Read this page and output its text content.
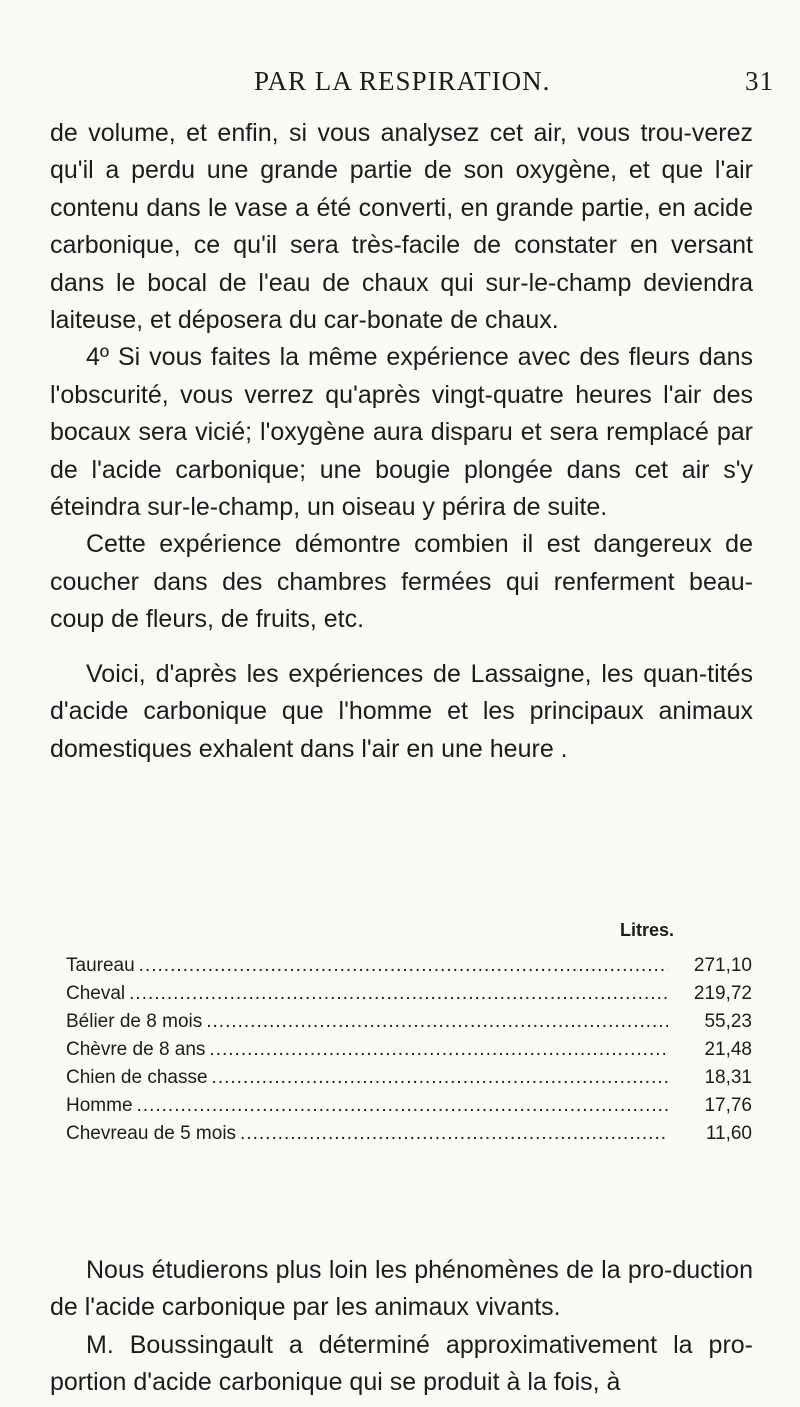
PAR LA RESPIRATION.	31

de volume, et enfin, si vous analysez cet air, vous trou-verez qu'il a perdu une grande partie de son oxygène, et que l'air contenu dans le vase a été converti, en grande partie, en acide carbonique, ce qu'il sera très-facile de constater en versant dans le bocal de l'eau de chaux qui sur-le-champ deviendra laiteuse, et déposera du car-bonate de chaux.

4º Si vous faites la même expérience avec des fleurs dans l'obscurité, vous verrez qu'après vingt-quatre heures l'air des bocaux sera vicié; l'oxygène aura disparu et sera remplacé par de l'acide carbonique; une bougie plongée dans cet air s'y éteindra sur-le-champ, un oiseau y périra de suite.

Cette expérience démontre combien il est dangereux de coucher dans des chambres fermées qui renferment beau-coup de fleurs, de fruits, etc.

Voici, d'après les expériences de Lassaigne, les quan-tités d'acide carbonique que l'homme et les principaux animaux domestiques exhalent dans l'air en une heure .

Litres.
Taureau .....	271,10
Cheval .....	219,72
Bélier de 8 mois .....	55,23
Chèvre de 8 ans .....	21,48
Chien de chasse .....	18,31
Homme .....	17,76
Chevreau de 5 mois .....	11,60

Nous étudierons plus loin les phénomènes de la pro-duction de l'acide carbonique par les animaux vivants.

M. Boussingault a déterminé approximativement la pro-portion d'acide carbonique qui se produit à la fois, à
